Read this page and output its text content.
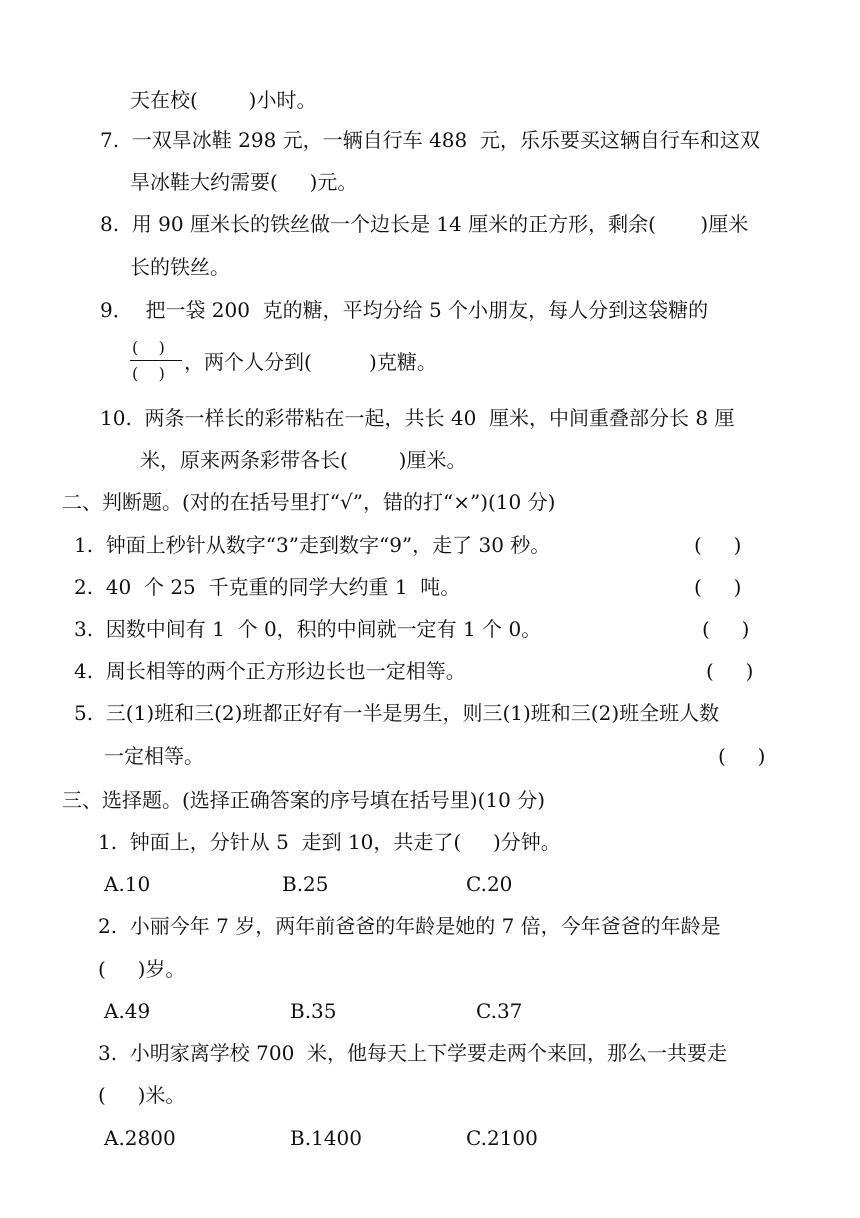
天在校(        )小时。
7.  一双旱冰鞋 298 元，一辆自行车 488  元，乐乐要买这辆自行车和这双
旱冰鞋大约需要(     )元。
8.  用 90 厘米长的铁丝做一个边长是 14 厘米的正方形，剩余(       )厘米
长的铁丝。
9．  把一袋 200  克的糖，平均分给 5 个小朋友，每人分到这袋糖的
(    )
(    ) ，两个人分到(         )克糖。
10.  两条一样长的彩带粘在一起，共长 40  厘米，中间重叠部分长 8 厘
米，原来两条彩带各长(        )厘米。
二、判断题。(对的在括号里打“√”，错的打“×”)(10 分)
1.  钟面上秒针从数字“3”走到数字“9”，走了 30 秒。	(     )
2.  40  个 25  千克重的同学大约重 1  吨。	(     )
3.  因数中间有 1  个 0，积的中间就一定有 1 个 0。	(     )
4.  周长相等的两个正方形边长也一定相等。	(     )
5.  三(1)班和三(2)班都正好有一半是男生，则三(1)班和三(2)班全班人数
一定相等。	(     )
三、选择题。(选择正确答案的序号填在括号里)(10 分)
1.  钟面上，分针从 5  走到 10，共走了(     )分钟。
A.10	B.25	C.20
2.  小丽今年 7 岁，两年前爸爸的年龄是她的 7 倍，今年爸爸的年龄是
(     )岁。
A.49	B.35	C.37
3.  小明家离学校 700  米，他每天上下学要走两个来回，那么一共要走
(     )米。
A.2800	B.1400	C.2100
